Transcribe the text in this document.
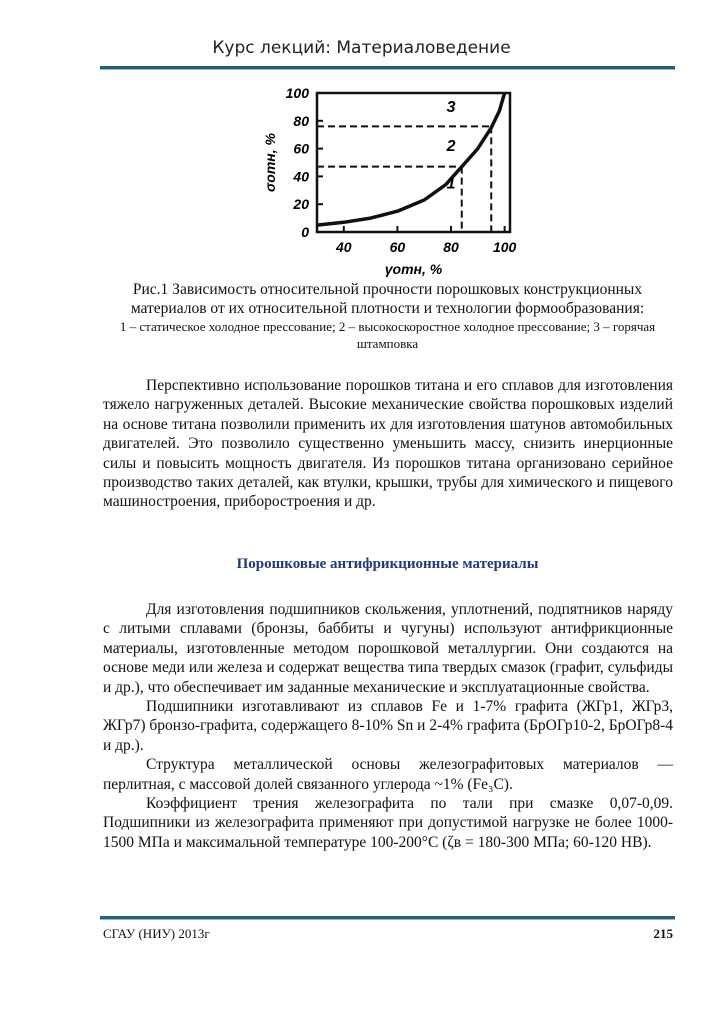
Курс лекций: Материаловедение
0
20
40
60
80
100
40	60	80 100
γотн, %
σотн, %	1
2
3
Рис.1 Зависимость относительной прочности порошковых конструкционных материалов от их относительной плотности и технологии формообразования:
1 – статическое холодное прессование; 2 – высокоскоростное холодное прессование; 3 – горячая штамповка

Перспективно использование порошков титана и его сплавов для изготовления тяжело нагруженных деталей. Высокие механические свойства порошковых изделий на основе титана позволили применить их для изготовления шатунов автомобильных двигателей. Это позволило существенно уменьшить массу, снизить инерционные силы и повысить мощность двигателя. Из порошков титана организовано серийное производство таких деталей, как втулки, крышки, трубы для химического и пищевого машиностроения, приборостроения и др.

Порошковые антифрикционные материалы

Для изготовления подшипников скольжения, уплотнений, подпятников наряду с литыми сплавами (бронзы, баббиты и чугуны) используют антифрикционные материалы, изготовленные методом порошковой металлургии. Они создаются на основе меди или железа и содержат вещества типа твердых смазок (графит, сульфиды и др.), что обеспечивает им заданные механические и эксплуатационные свойства.

Подшипники изготавливают из сплавов Fe и 1-7% графита (ЖГр1, ЖГр3, ЖГр7) бронзо-графита, содержащего 8-10% Sn и 2-4% графита (БрОГр10-2, БрОГр8-4 и др.).

Структура металлической основы железографитовых материалов — перлитная, с массовой долей связанного углерода ~1% (Fe₃C).

Коэффициент трения железографита по тали при смазке 0,07-0,09. Подшипники из железографита применяют при допустимой нагрузке не более 1000-1500 МПа и максимальной температуре 100-200°С (ζв = 180-300 МПа; 60-120 НВ).

СГАУ (НИУ) 2013г	215
